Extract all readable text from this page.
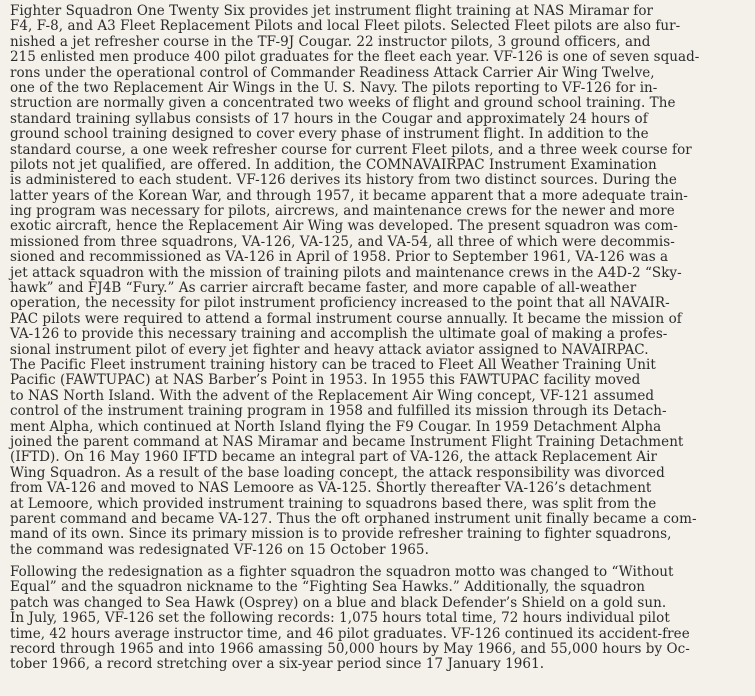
Fighter Squadron One Twenty Six provides jet instrument flight training at NAS Miramar for
F4, F-8, and A3 Fleet Replacement Pilots and local Fleet pilots. Selected Fleet pilots are also fur-
nished a jet refresher course in the TF-9J Cougar. 22 instructor pilots, 3 ground officers, and
215 enlisted men produce 400 pilot graduates for the fleet each year. VF-126 is one of seven squad-
rons under the operational control of Commander Readiness Attack Carrier Air Wing Twelve,
one of the two Replacement Air Wings in the U. S. Navy. The pilots reporting to VF-126 for in-
struction are normally given a concentrated two weeks of flight and ground school training. The
standard training syllabus consists of 17 hours in the Cougar and approximately 24 hours of
ground school training designed to cover every phase of instrument flight. In addition to the
standard course, a one week refresher course for current Fleet pilots, and a three week course for
pilots not jet qualified, are offered. In addition, the COMNAVAIRPAC Instrument Examination
is administered to each student. VF-126 derives its history from two distinct sources. During the
latter years of the Korean War, and through 1957, it became apparent that a more adequate train-
ing program was necessary for pilots, aircrews, and maintenance crews for the newer and more
exotic aircraft, hence the Replacement Air Wing was developed. The present squadron was com-
missioned from three squadrons, VA-126, VA-125, and VA-54, all three of which were decommis-
sioned and recommissioned as VA-126 in April of 1958. Prior to September 1961, VA-126 was a
jet attack squadron with the mission of training pilots and maintenance crews in the A4D-2 “Sky-
hawk” and FJ4B “Fury.” As carrier aircraft became faster, and more capable of all-weather
operation, the necessity for pilot instrument proficiency increased to the point that all NAVAIR-
PAC pilots were required to attend a formal instrument course annually. It became the mission of
VA-126 to provide this necessary training and accomplish the ultimate goal of making a profes-
sional instrument pilot of every jet fighter and heavy attack aviator assigned to NAVAIRPAC.
The Pacific Fleet instrument training history can be traced to Fleet All Weather Training Unit
Pacific (FAWTUPAC) at NAS Barber’s Point in 1953. In 1955 this FAWTUPAC facility moved
to NAS North Island. With the advent of the Replacement Air Wing concept, VF-121 assumed
control of the instrument training program in 1958 and fulfilled its mission through its Detach-
ment Alpha, which continued at North Island flying the F9 Cougar. In 1959 Detachment Alpha
joined the parent command at NAS Miramar and became Instrument Flight Training Detachment
(IFTD). On 16 May 1960 IFTD became an integral part of VA-126, the attack Replacement Air
Wing Squadron. As a result of the base loading concept, the attack responsibility was divorced
from VA-126 and moved to NAS Lemoore as VA-125. Shortly thereafter VA-126’s detachment
at Lemoore, which provided instrument training to squadrons based there, was split from the
parent command and became VA-127. Thus the oft orphaned instrument unit finally became a com-
mand of its own. Since its primary mission is to provide refresher training to fighter squadrons,
the command was redesignated VF-126 on 15 October 1965.
Following the redesignation as a fighter squadron the squadron motto was changed to “Without
Equal” and the squadron nickname to the “Fighting Sea Hawks.” Additionally, the squadron
patch was changed to Sea Hawk (Osprey) on a blue and black Defender’s Shield on a gold sun.
In July, 1965, VF-126 set the following records: 1,075 hours total time, 72 hours individual pilot
time, 42 hours average instructor time, and 46 pilot graduates. VF-126 continued its accident-free
record through 1965 and into 1966 amassing 50,000 hours by May 1966, and 55,000 hours by Oc-
tober 1966, a record stretching over a six-year period since 17 January 1961.
